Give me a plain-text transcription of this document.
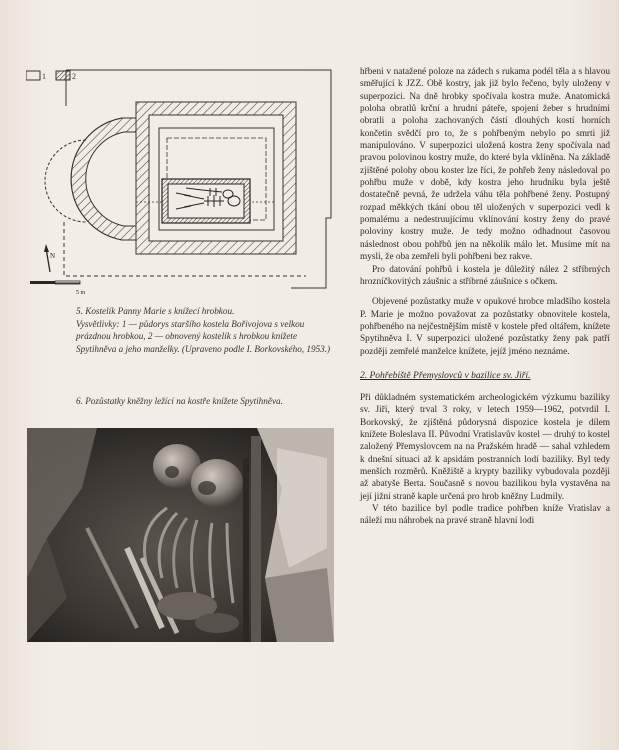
1	2
N
5 m
5. Kostelík Panny Marie s knížecí hrobkou.
Vysvětlivky: 1 — půdorys staršího kostela Bořivojova s velkou prázdnou hrobkou, 2 — obnovený kostelík s hrobkou knížete Spytihněva a jeho manželky. (Upraveno podle I. Borkovského, 1953.)
6. Pozůstatky kněžny ležící na kostře knížete Spytihněva.

hřbeni v natažené poloze na zádech s rukama podél těla a s hlavou směřující k JZZ. Obě kostry, jak již bylo řečeno, byly uloženy v superpozici. Na dně hrobky spočívala kostra muže. Anatomická poloha obratlů krční a hrudní páteře, spojení žeber s hrudními obratli a poloha zachovaných částí dlouhých kostí horních končetin svědčí pro to, že s pohřbeným nebylo po smrti již manipulováno. V superpozici uložená kostra ženy spočívala nad pravou polovinou kostry muže, do které byla vklíněna. Na základě zjištěné polohy obou koster lze říci, že pohřeb ženy následoval po pohřbu muže v době, kdy kostra jeho hrudníku byla ještě dostatečně pevná, že udržela váhu těla pohřbené ženy. Postupný rozpad měkkých tkání obou těl uložených v superpozici vedl k pomalému a nedestruujícímu vklínování kostry ženy do pravé poloviny kostry muže. Je tedy možno odhadnout časovou následnost obou pohřbů jen na několik málo let. Musíme mít na mysli, že oba zemřeli byli pohřbeni bez rakve.

Pro datování pohřbů i kostela je důležitý nález 2 stříbrných hrozníčkovitých záušnic a stříbrné záušnice s očkem.

Objevené pozůstatky muže v opukové hrobce mladšího kostela P. Marie je možno považovat za pozůstatky obnovitele kostela, pohřbeného na nejčestnějším místě v kostele před oltářem, knížete Spytihněva I. V superpozici uložené pozůstatky ženy pak patří později zemřelé manželce knížete, jejíž jméno neznáme.

2. Pohřebiště Přemyslovců v bazilice sv. Jiří.

Při důkladném systematickém archeologickém výzkumu baziliky sv. Jiří, který trval 3 roky, v letech 1959—1962, potvrdil I. Borkovský, že zjištěná půdorysná dispozice kostela je dílem knížete Boleslava II. Původní Vratislavův kostel — druhý to kostel založený Přemyslovcem na na Pražském hradě — sahal vzhledem k dnešní situaci až k apsidám postranních lodí baziliky. Byl tedy menších rozměrů. Kněžiště a krypty baziliky vybudovala později až abatyše Berta. Současně s novou bazilikou byla vystavěna na její jižní straně kaple určená pro hrob kněžny Ludmily.

V této bazilice byl podle tradice pohřben kníže Vratislav a náleží mu náhrobek na pravé straně hlavní lodi
